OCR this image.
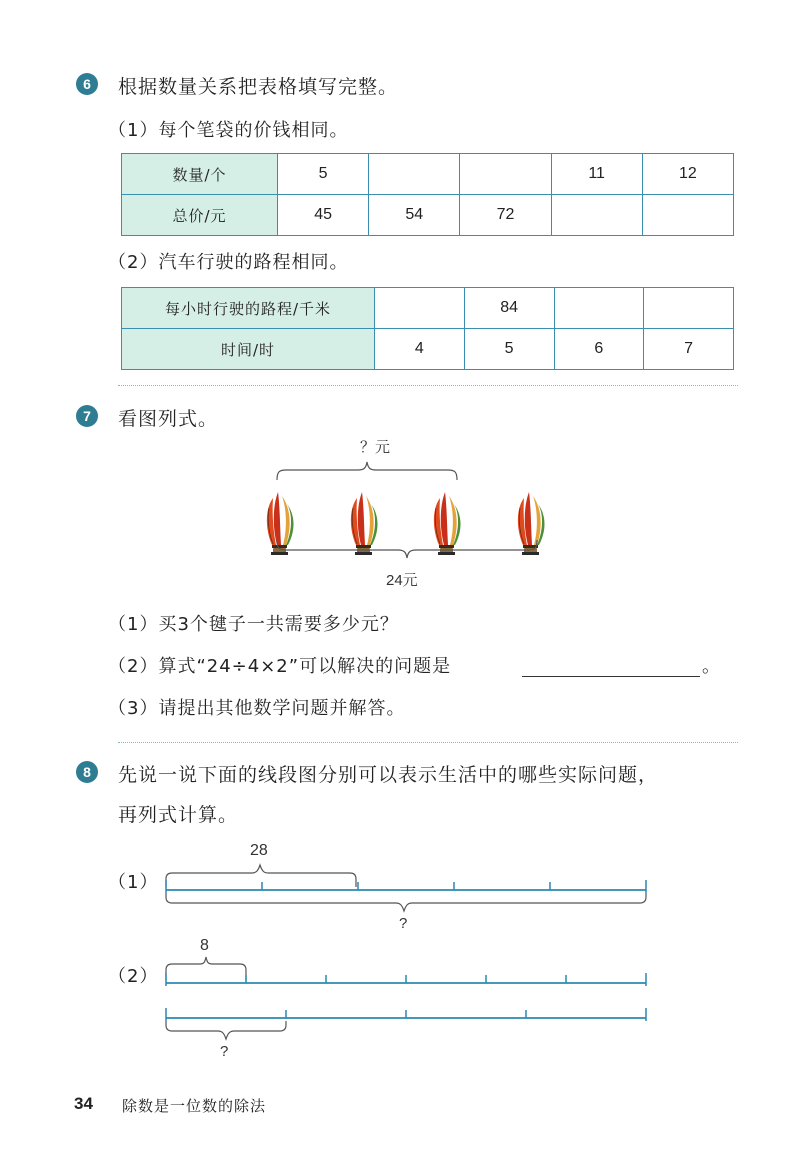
6	根据数量关系把表格填写完整。
（1）每个笔袋的价钱相同。
数量/个	5			11	12
总价/元	45	54	72		
（2）汽车行驶的路程相同。
每小时行驶的路程/千米		84		
时间/时	4	5	6	7
7	看图列式。
？元
24元
（1）买3个毽子一共需要多少元？
（2）算式“24÷4×2”可以解决的问题是	。
（3）请提出其他数学问题并解答。
8	先说一说下面的线段图分别可以表示生活中的哪些实际问题，
再列式计算。
（1）
28
?
（2）
8
?
34 除数是一位数的除法
